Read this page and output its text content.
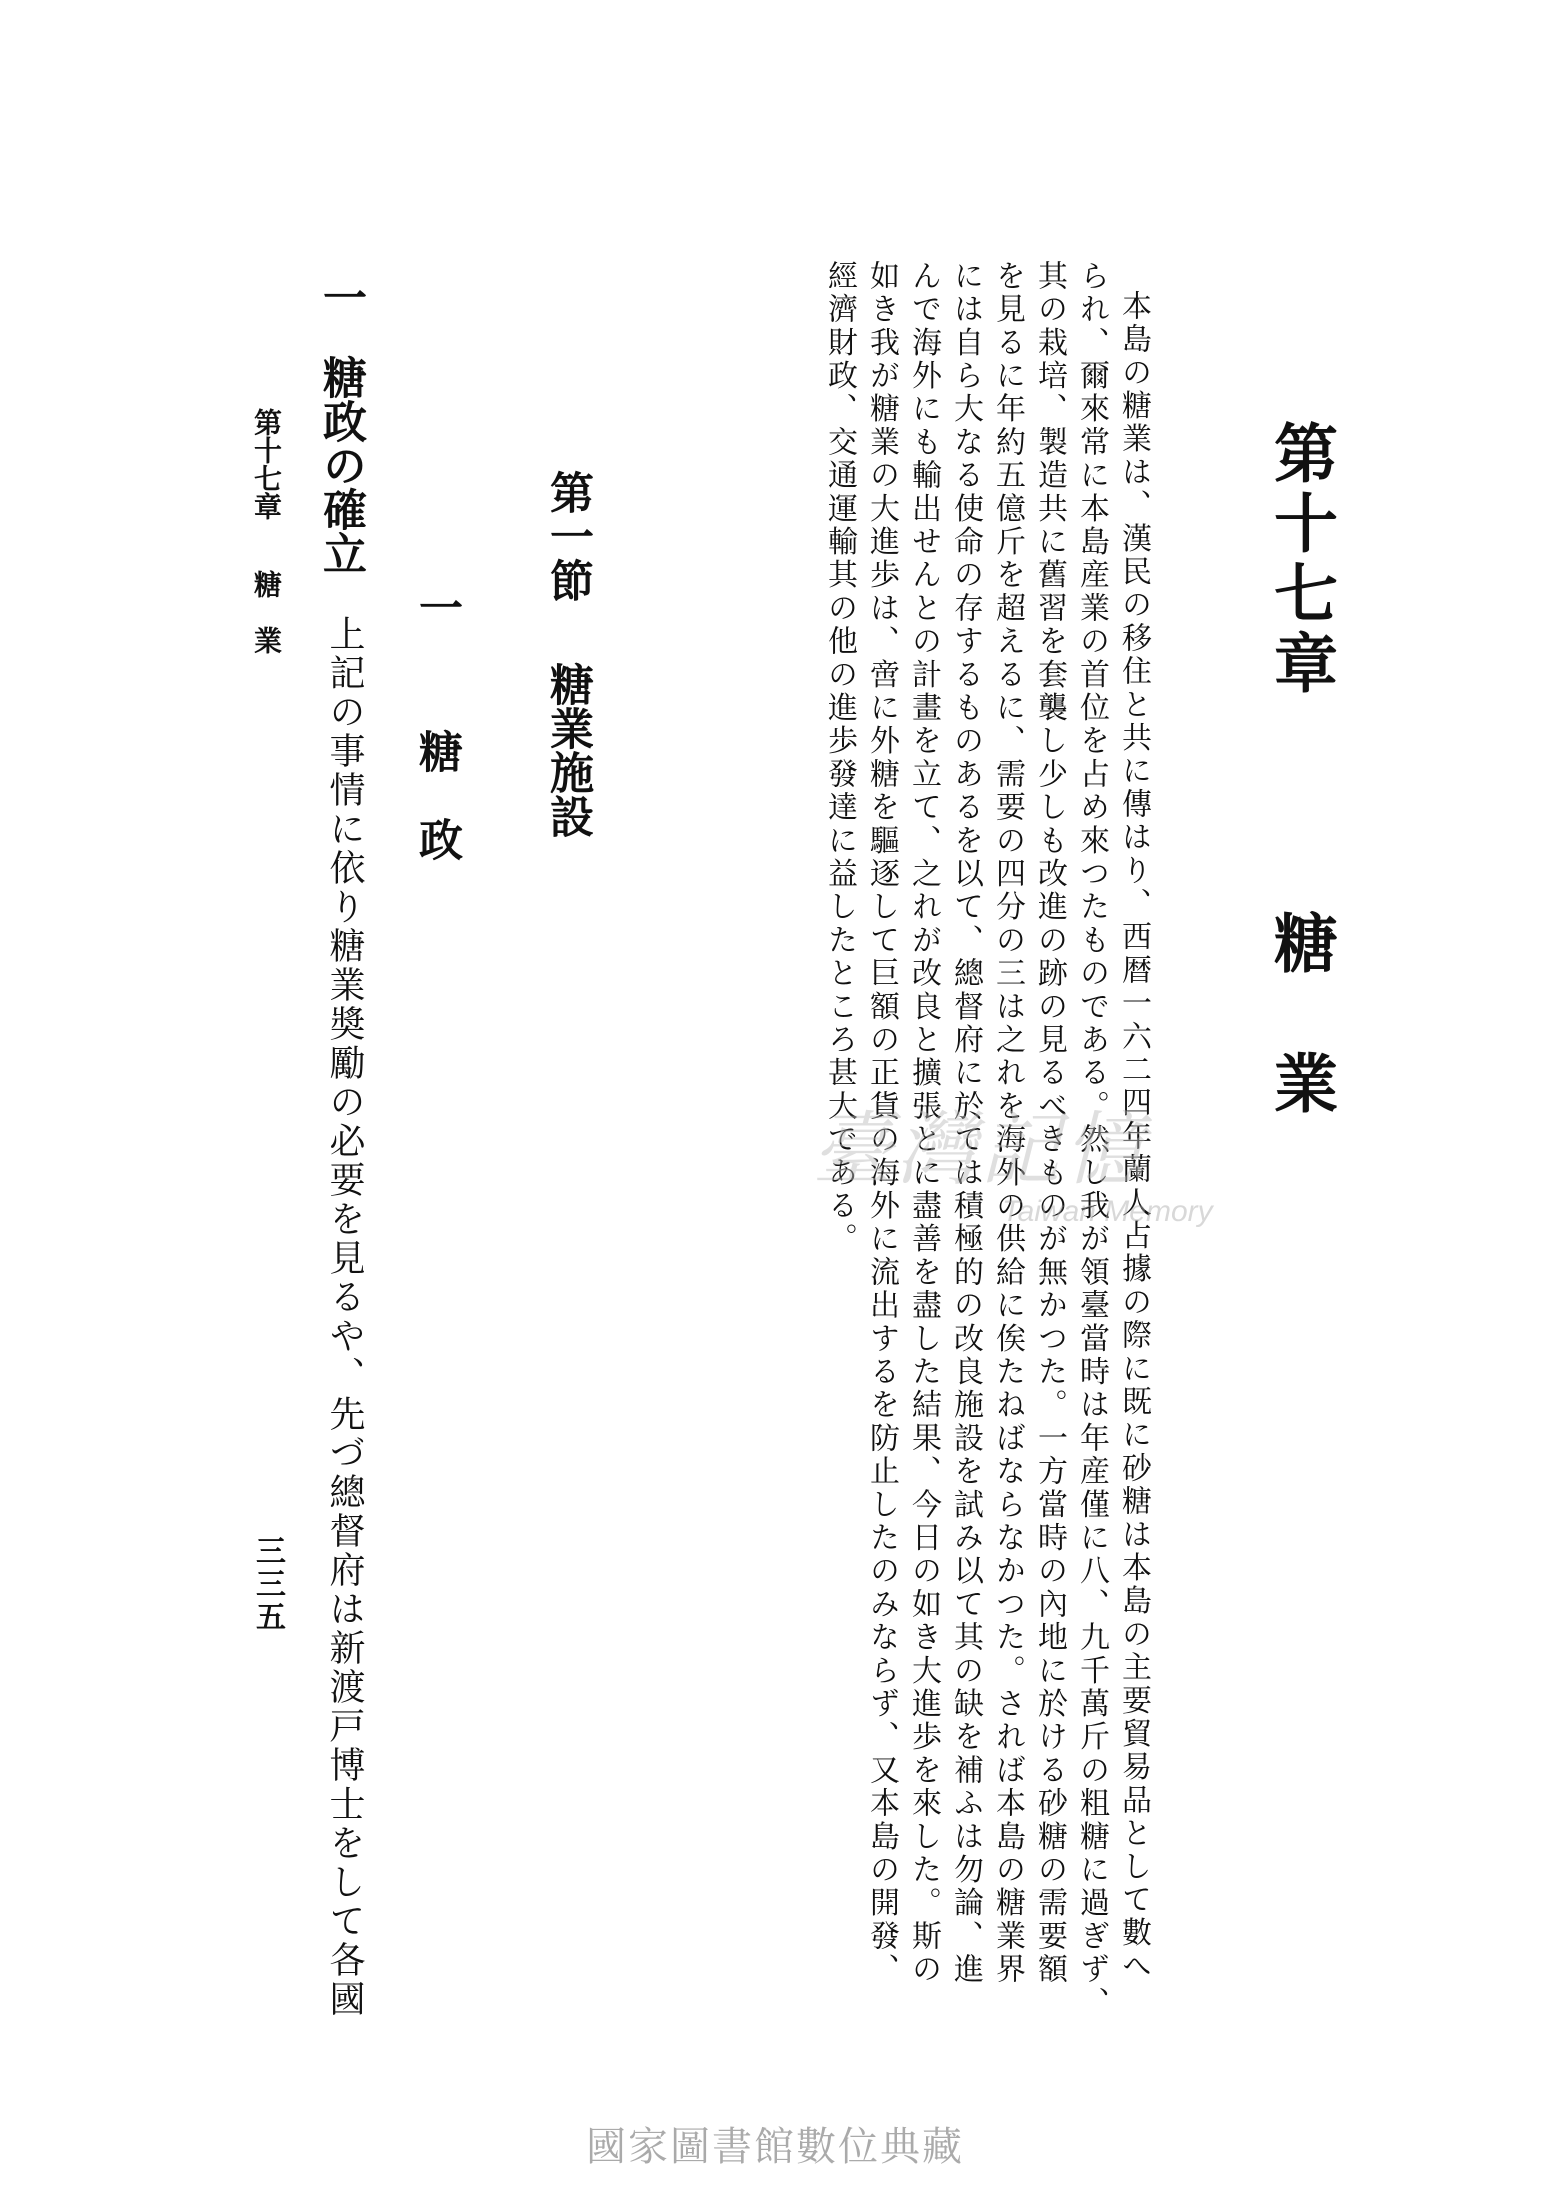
第十七章糖　業
本島の糖業は、漢民の移住と共に傳はり、西暦一六二四年蘭人占據の際に既に砂糖は本島の主要貿易品として數へ
られ、爾來常に本島産業の首位を占め來つたものである。然し我が領臺當時は年産僅に八、九千萬斤の粗糖に過ぎず、
其の栽培、製造共に舊習を套襲し少しも改進の跡の見るべきものが無かつた。一方當時の內地に於ける砂糖の需要額
を見るに年約五億斤を超えるに、需要の四分の三は之れを海外の供給に俟たねばならなかつた。されば本島の糖業界
には自ら大なる使命の存するものあるを以て、總督府に於ては積極的の改良施設を試み以て其の缺を補ふは勿論、進
んで海外にも輸出せんとの計畫を立て、之れが改良と擴張とに盡善を盡した結果、今日の如き大進歩を來した。斯の
如き我が糖業の大進歩は、啻に外糖を驅逐して巨額の正貨の海外に流出するを防止したのみならず、又本島の開發、
經濟財政、交通運輸其の他の進歩發達に益したところ甚大である。
第一節糖業施設
一糖　政
一
糖政の確立
上記の事情に依り糖業奬勵の必要を見るや、先づ總督府は新渡戸博士をして各國
第十七章糖　業
三三五
臺灣記憶
Taiwan Memory
國家圖書館數位典藏
